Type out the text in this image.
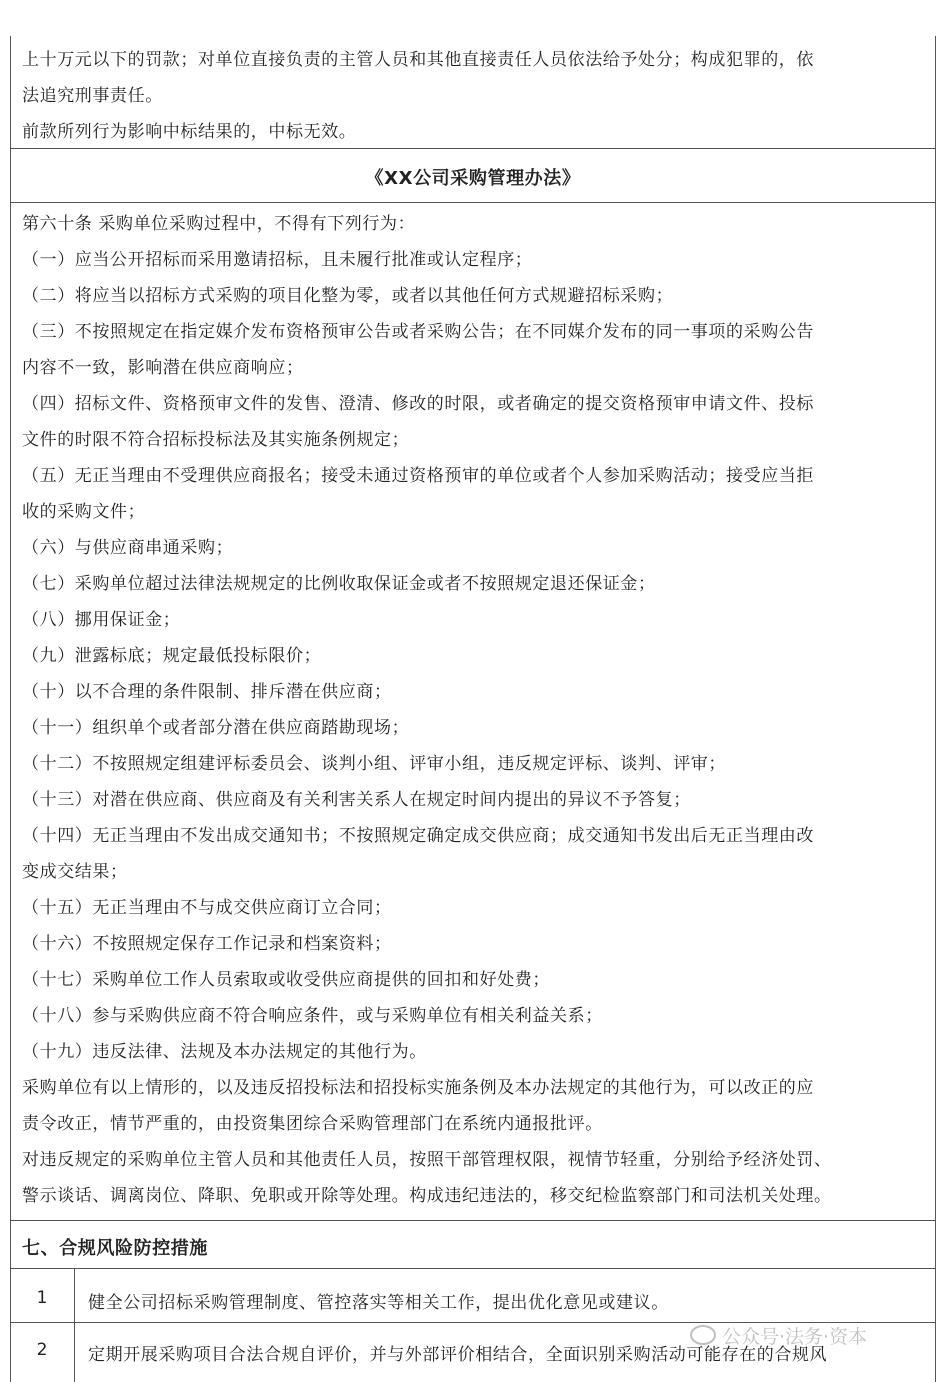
上十万元以下的罚款；对单位直接负责的主管人员和其他直接责任人员依法给予处分；构成犯罪的，依

法追究刑事责任。

前款所列行为影响中标结果的，中标无效。

《XX公司采购管理办法》

第六十条 采购单位采购过程中，不得有下列行为：

（一）应当公开招标而采用邀请招标，且未履行批准或认定程序；

（二）将应当以招标方式采购的项目化整为零，或者以其他任何方式规避招标采购；

（三）不按照规定在指定媒介发布资格预审公告或者采购公告；在不同媒介发布的同一事项的采购公告

内容不一致，影响潜在供应商响应；

（四）招标文件、资格预审文件的发售、澄清、修改的时限，或者确定的提交资格预审申请文件、投标

文件的时限不符合招标投标法及其实施条例规定；

（五）无正当理由不受理供应商报名；接受未通过资格预审的单位或者个人参加采购活动；接受应当拒

收的采购文件；

（六）与供应商串通采购；

（七）采购单位超过法律法规规定的比例收取保证金或者不按照规定退还保证金；

（八）挪用保证金；

（九）泄露标底；规定最低投标限价；

（十）以不合理的条件限制、排斥潜在供应商；

（十一）组织单个或者部分潜在供应商踏勘现场；

（十二）不按照规定组建评标委员会、谈判小组、评审小组，违反规定评标、谈判、评审；

（十三）对潜在供应商、供应商及有关利害关系人在规定时间内提出的异议不予答复；

（十四）无正当理由不发出成交通知书；不按照规定确定成交供应商；成交通知书发出后无正当理由改

变成交结果；

（十五）无正当理由不与成交供应商订立合同；

（十六）不按照规定保存工作记录和档案资料；

（十七）采购单位工作人员索取或收受供应商提供的回扣和好处费；

（十八）参与采购供应商不符合响应条件，或与采购单位有相关利益关系；

（十九）违反法律、法规及本办法规定的其他行为。

采购单位有以上情形的，以及违反招投标法和招投标实施条例及本办法规定的其他行为，可以改正的应

责令改正，情节严重的，由投资集团综合采购管理部门在系统内通报批评。

对违反规定的采购单位主管人员和其他责任人员，按照干部管理权限，视情节轻重，分别给予经济处罚、

警示谈话、调离岗位、降职、免职或开除等处理。构成违纪违法的，移交纪检监察部门和司法机关处理。

七、合规风险防控措施
1	健全公司招标采购管理制度、管控落实等相关工作，提出优化意见或建议。
2	定期开展采购项目合法合规自评价，并与外部评价相结合，全面识别采购活动可能存在的合规风
公众号·法务·资本
